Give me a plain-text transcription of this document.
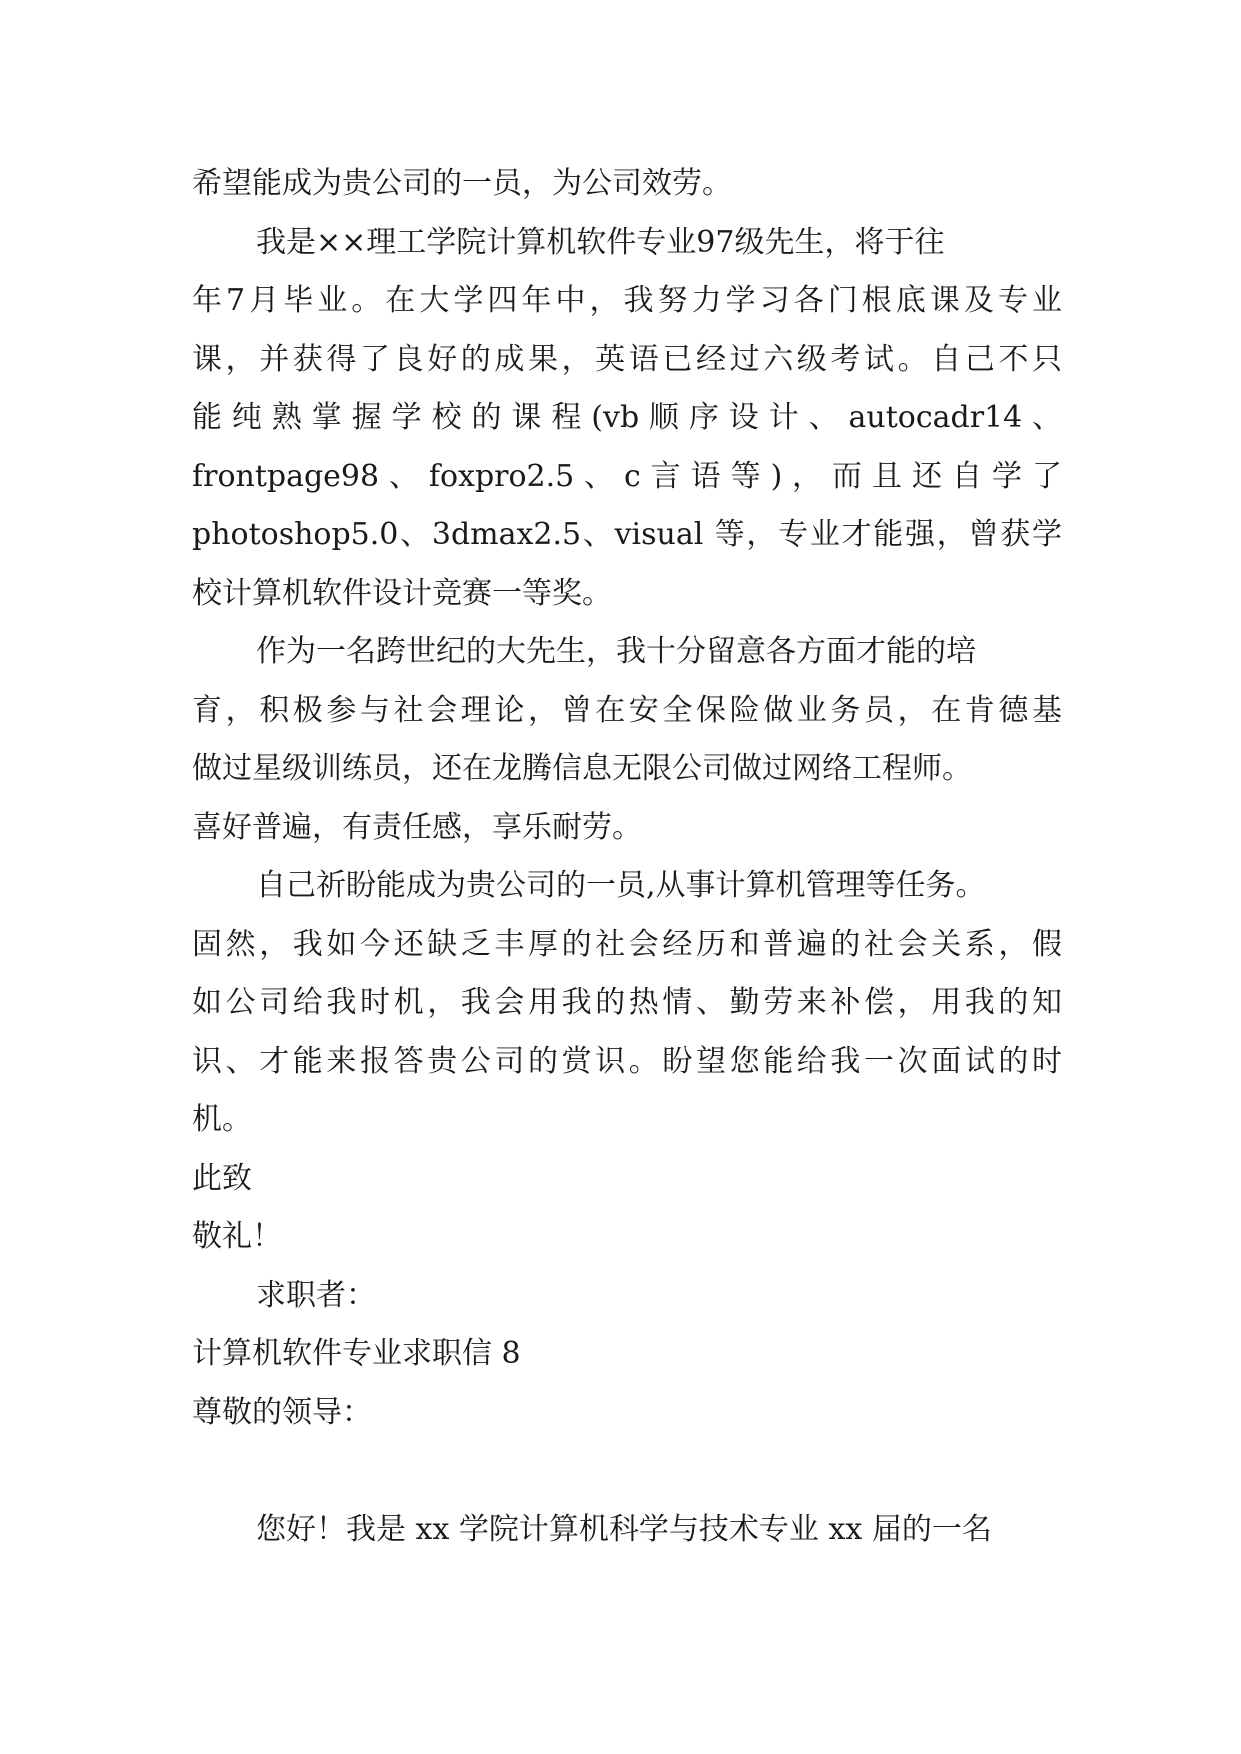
希望能成为贵公司的一员，为公司效劳。

我是××理工学院计算机软件专业97级先生，将于往

年7月毕业。在大学四年中，我努力学习各门根底课及专业

课，并获得了良好的成果，英语已经过六级考试。自己不只

能 纯 熟 掌 握 学 校 的 课 程 (vb 顺 序 设 计 、 autocadr14 、

frontpage98 、 foxpro2.5 、 c 言 语 等 ) ， 而 且 还 自 学 了

photoshop5.0、3dmax2.5、visual 等，专业才能强，曾获学

校计算机软件设计竞赛一等奖。

作为一名跨世纪的大先生，我十分留意各方面才能的培

育，积极参与社会理论，曾在安全保险做业务员，在肯德基

做过星级训练员，还在龙腾信息无限公司做过网络工程师。

喜好普遍，有责任感，享乐耐劳。

自己祈盼能成为贵公司的一员,从事计算机管理等任务。

固然，我如今还缺乏丰厚的社会经历和普遍的社会关系，假

如公司给我时机，我会用我的热情、勤劳来补偿，用我的知

识、才能来报答贵公司的赏识。盼望您能给我一次面试的时

机。

此致

敬礼！

求职者：

计算机软件专业求职信 8

尊敬的领导：

您好！我是 xx 学院计算机科学与技术专业 xx 届的一名
